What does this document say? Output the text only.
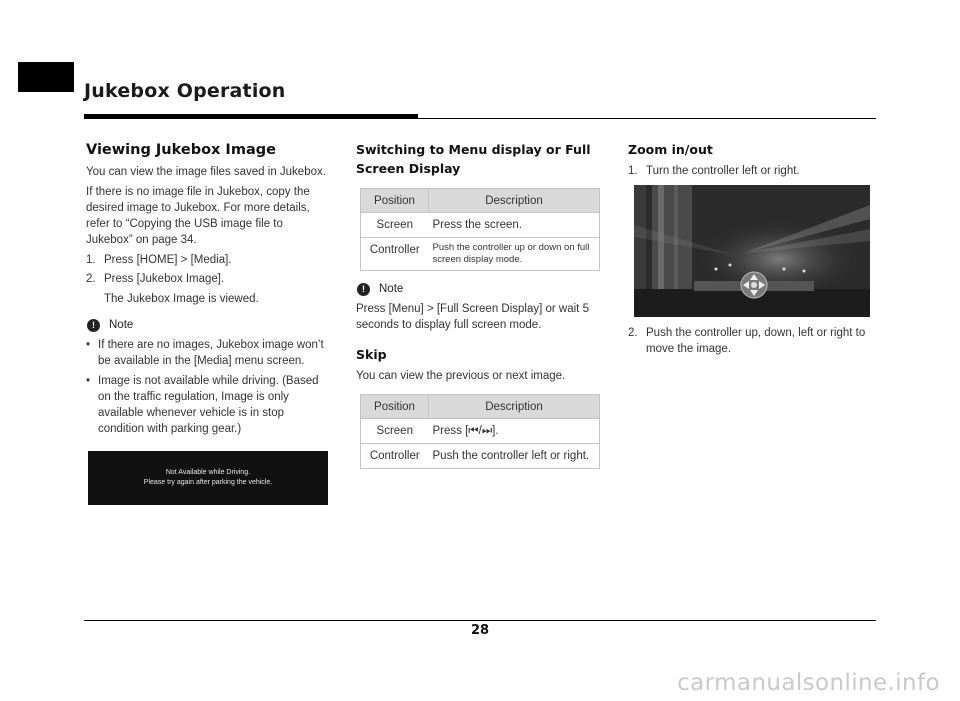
Jukebox Operation
Viewing Jukebox Image

You can view the image files saved in Jukebox.

If there is no image file in Jukebox, copy the desired image to Jukebox. For more details, refer to “Copying the USB image file to Jukebox” on page 34.

1. Press [HOME] > [Media].
2. Press [Jukebox Image].

The Jukebox Image is viewed.

!	Note
• If there are no images, Jukebox image won’t be available in the [Media] menu screen.
• Image is not available while driving. (Based on the traffic regulation, Image is only available whenever vehicle is in stop condition with parking gear.)
Not Available while Driving.
Please try again after parking the vehicle.
Switching to Menu display or Full Screen Display
Position	Description
Screen	Press the screen.
Controller	Push the controller up or down on full screen display mode.
!	Note

Press [Menu] > [Full Screen Display] or wait 5 seconds to display full screen mode.

Skip

You can view the previous or next image.

Position	Description
Screen	Press [⏮/⏭].
Controller	Push the controller left or right.
Zoom in/out
1. Turn the controller left or right.
2. Push the controller up, down, left or right to move the image.
28
carmanualsonline.info
